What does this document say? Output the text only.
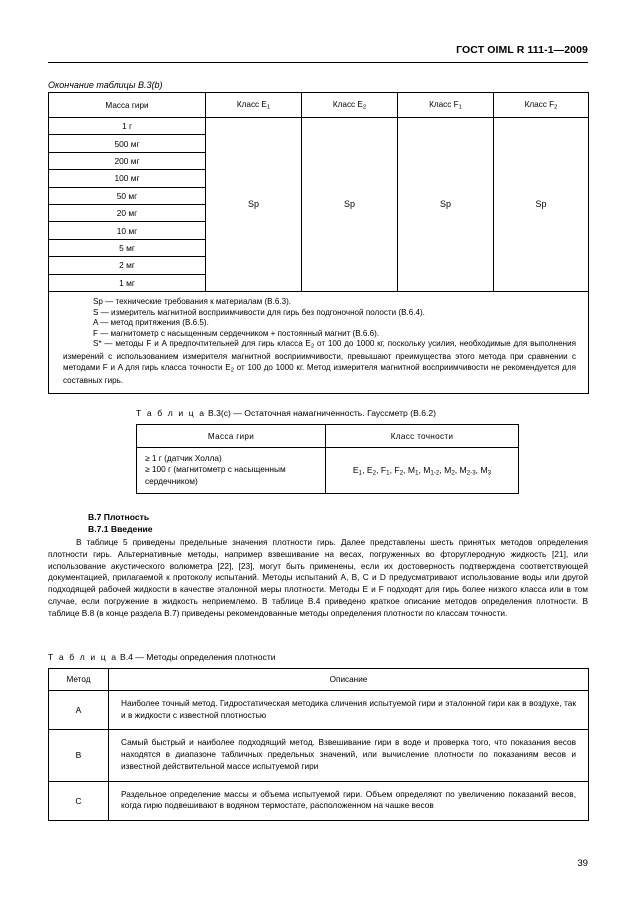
ГОСТ OIML R 111-1—2009
Окончание таблицы В.3(b)
Масса гири	Класс $E_1$	Класс $E_2$	Класс $F_1$	Класс $F_2$
1 г	Sp	Sp	Sp	Sp
500 мг				
200 мг				
100 мг				
50 мг				
20 мг				
10 мг				
5 мг				
2 мг				
1 мг				

Sp — технические требования к материалам (В.6.3).
S — измеритель магнитной восприимчивости для гирь без подгоночной полости (В.6.4).
A — метод притяжения (В.6.5).
F — магнитометр с насыщенным сердечником + постоянный магнит (В.6.6).
S* — методы F и A предпочтительней для гирь класса $E_2$ от 100 до 1000 кг, поскольку усилия, необходимые для выполнения измерений с использованием измерителя магнитной восприимчивости, превышают преимущества этого метода при сравнении с методами F и A для гирь класса точности $E_2$ от 100 до 1000 кг. Метод измерителя магнитной восприимчивости не рекомендуется для составных гирь.				
Т а б л и ц а В.3(c) — Остаточная намагниченность. Гауссметр (В.6.2)
Масса гири	Класс точности
≥ 1 г (датчик Холла)
≥ 100 г (магнитометр с насыщенным сердечником)	$E_1$, $E_2$, $F_1$, $F_2$, $M_1$, $M_{1-2}$, $M_2$, $M_{2-3}$, $M_3$
В.7 Плотность
В.7.1 Введение
В таблице 5 приведены предельные значения плотности гирь. Далее представлены шесть принятых методов определения плотности гирь. Альтернативные методы, например взвешивание на весах, погруженных во фторуглеродную жидкость [21], или использование акустического волюметра [22], [23], могут быть применены, если их достоверность подтверждена соответствующей документацией, прилагаемой к протоколу испытаний. Методы испытаний A, B, C и D предусматривают использование воды или другой подходящей рабочей жидкости в качестве эталонной меры плотности. Методы E и F подходят для гирь более низкого класса или в том случае, если погружение в жидкость неприемлемо. В таблице В.4 приведено краткое описание методов определения плотности. В таблице В.8 (в конце раздела В.7) приведены рекомендованные методы определения плотности по классам точности.
Т а б л и ц а В.4 — Методы определения плотности
Метод	Описание
A	Наиболее точный метод. Гидростатическая методика сличения испытуемой гири и эталонной гири как в воздухе, так и в жидкости с известной плотностью
B	Самый быстрый и наиболее подходящий метод. Взвешивание гири в воде и проверка того, что показания весов находятся в диапазоне табличных предельных значений, или вычисление плотности по показаниям весов и известной действительной массе испытуемой гири
C	Раздельное определение массы и объема испытуемой гири. Объем определяют по увеличению показаний весов, когда гирю подвешивают в водяном термостате, расположенном на чашке весов
39
